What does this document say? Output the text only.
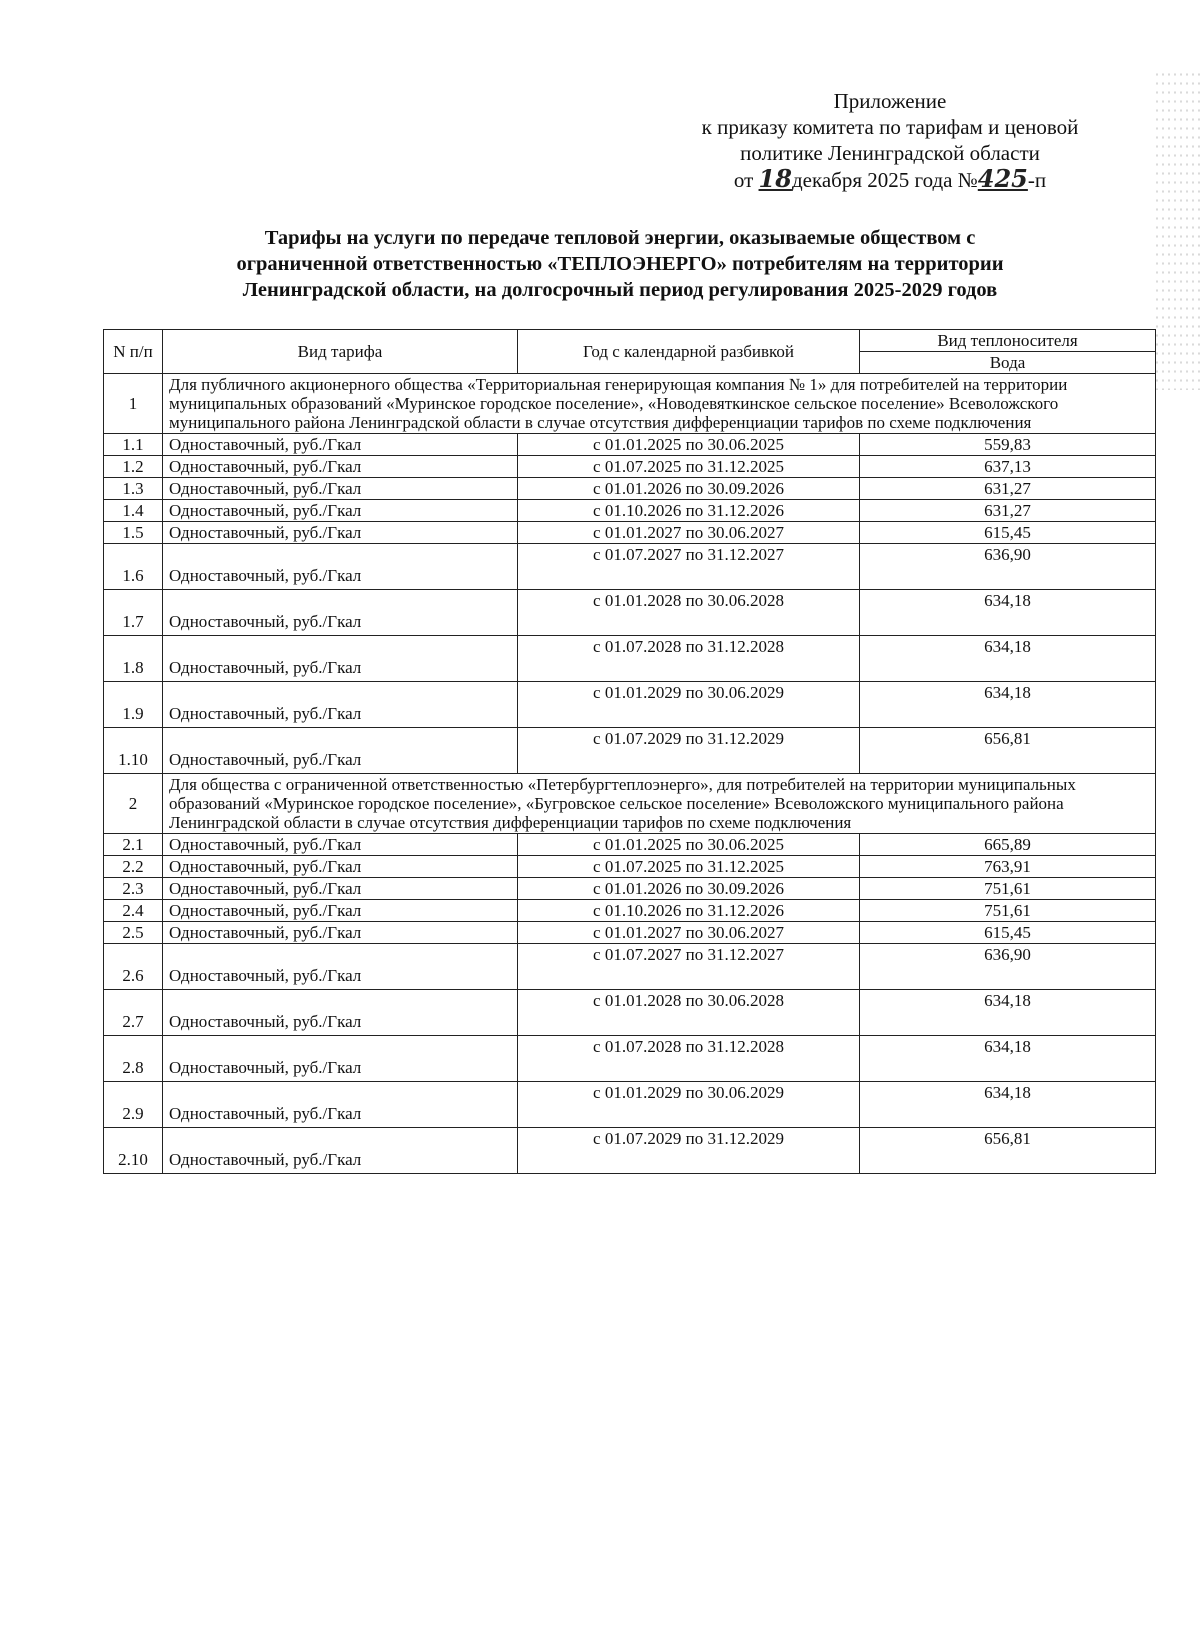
Приложение
к приказу комитета по тарифам и ценовой
политике Ленинградской области
от 18декабря 2025 года №425-п
Тарифы на услуги по передаче тепловой энергии, оказываемые обществом с
ограниченной ответственностью «ТЕПЛОЭНЕРГО» потребителям на территории
Ленинградской области, на долгосрочный период регулирования 2025-2029 годов
N п/п	Вид тарифа	Год с календарной разбивкой	Вид теплоносителя
			Вода
1	Для публичного акционерного общества «Территориальная генерирующая компания № 1» для потребителей на территории муниципальных образований «Муринское городское поселение», «Новодевяткинское сельское поселение» Всеволожского муниципального района Ленинградской области в случае отсутствия дифференциации тарифов по схеме подключения		
1.1	Одноставочный, руб./Гкал	с 01.01.2025 по 30.06.2025	559,83
1.2	Одноставочный, руб./Гкал	с 01.07.2025 по 31.12.2025	637,13
1.3	Одноставочный, руб./Гкал	с 01.01.2026 по 30.09.2026	631,27
1.4	Одноставочный, руб./Гкал	с 01.10.2026 по 31.12.2026	631,27
1.5	Одноставочный, руб./Гкал	с 01.01.2027 по 30.06.2027	615,45
1.6	Одноставочный, руб./Гкал	с 01.07.2027 по 31.12.2027	636,90
1.7	Одноставочный, руб./Гкал	с 01.01.2028 по 30.06.2028	634,18
1.8	Одноставочный, руб./Гкал	с 01.07.2028 по 31.12.2028	634,18
1.9	Одноставочный, руб./Гкал	с 01.01.2029 по 30.06.2029	634,18
1.10	Одноставочный, руб./Гкал	с 01.07.2029 по 31.12.2029	656,81
2	Для общества с ограниченной ответственностью «Петербургтеплоэнерго», для потребителей на территории муниципальных образований «Муринское городское поселение», «Бугровское сельское поселение» Всеволожского муниципального района Ленинградской области в случае отсутствия дифференциации тарифов по схеме подключения		
2.1	Одноставочный, руб./Гкал	с 01.01.2025 по 30.06.2025	665,89
2.2	Одноставочный, руб./Гкал	с 01.07.2025 по 31.12.2025	763,91
2.3	Одноставочный, руб./Гкал	с 01.01.2026 по 30.09.2026	751,61
2.4	Одноставочный, руб./Гкал	с 01.10.2026 по 31.12.2026	751,61
2.5	Одноставочный, руб./Гкал	с 01.01.2027 по 30.06.2027	615,45
2.6	Одноставочный, руб./Гкал	с 01.07.2027 по 31.12.2027	636,90
2.7	Одноставочный, руб./Гкал	с 01.01.2028 по 30.06.2028	634,18
2.8	Одноставочный, руб./Гкал	с 01.07.2028 по 31.12.2028	634,18
2.9	Одноставочный, руб./Гкал	с 01.01.2029 по 30.06.2029	634,18
2.10	Одноставочный, руб./Гкал	с 01.07.2029 по 31.12.2029	656,81
